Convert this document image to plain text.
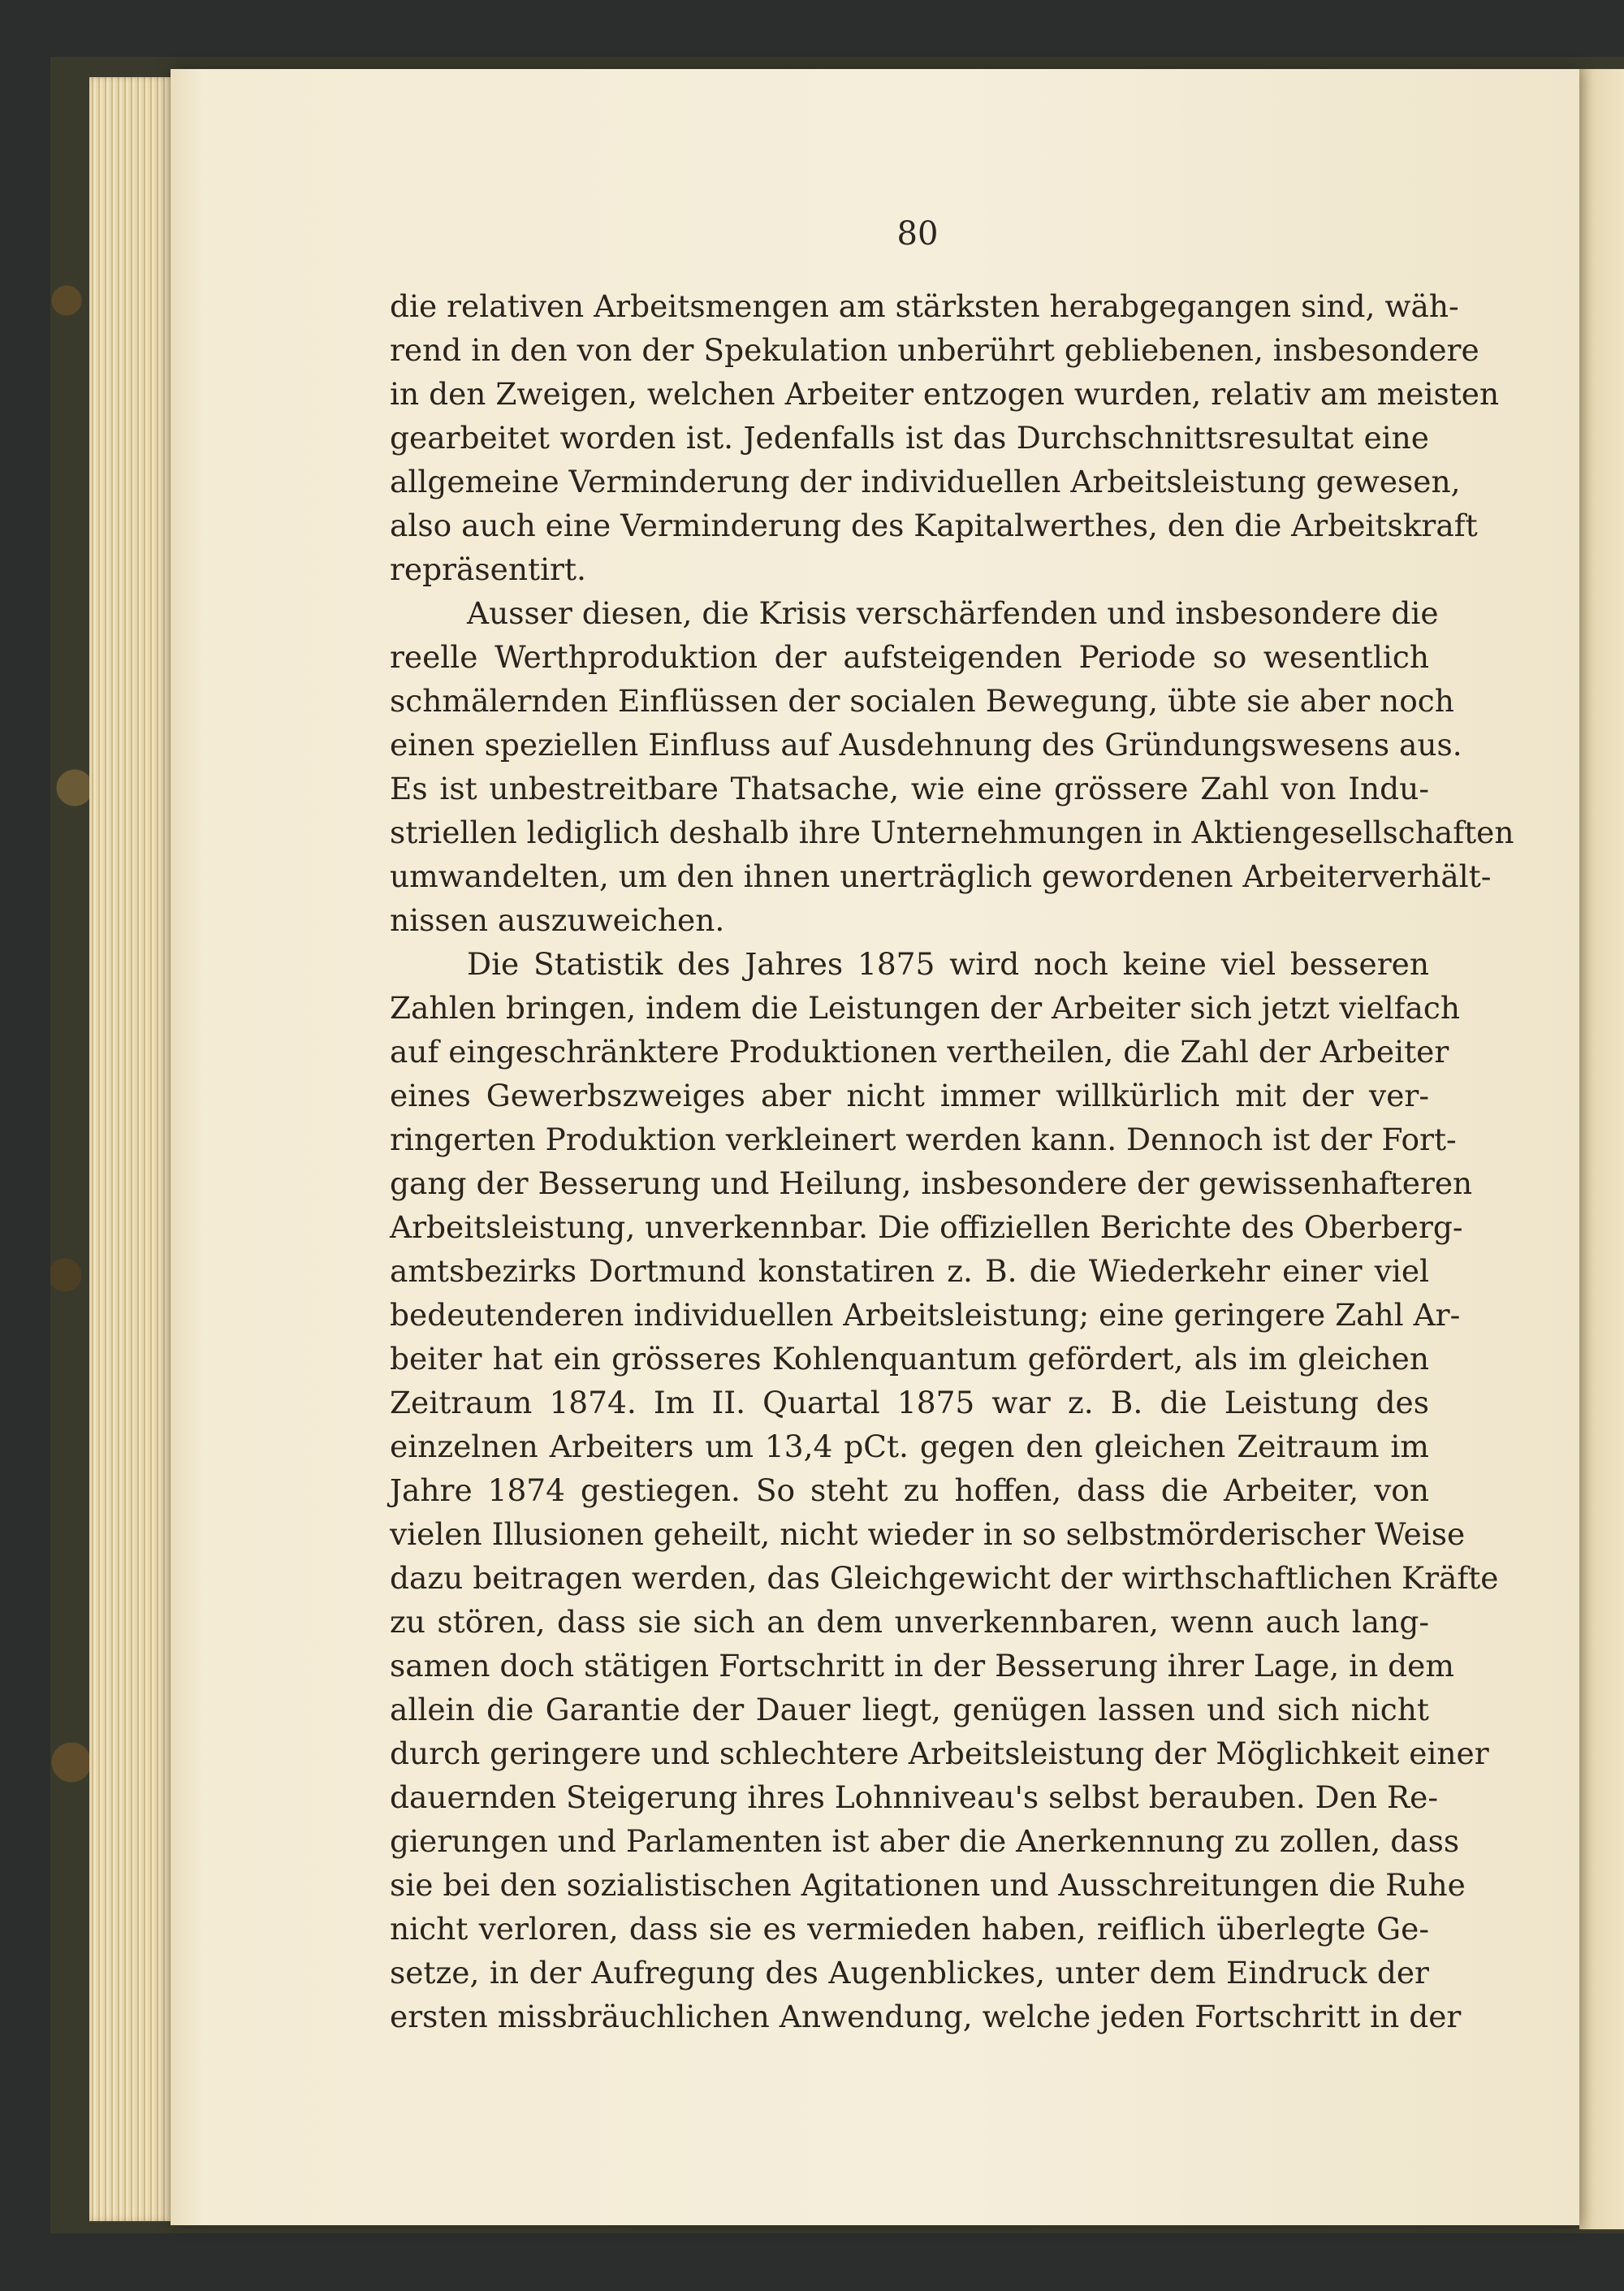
80
die relativen Arbeitsmengen am stärksten herabgegangen sind, wäh-
rend in den von der Spekulation unberührt gebliebenen, insbesondere
in den Zweigen, welchen Arbeiter entzogen wurden, relativ am meisten
gearbeitet worden ist. Jedenfalls ist das Durchschnittsresultat eine
allgemeine Verminderung der individuellen Arbeitsleistung gewesen,
also auch eine Verminderung des Kapitalwerthes, den die Arbeitskraft
repräsentirt.
Ausser diesen, die Krisis verschärfenden und insbesondere die
reelle Werthproduktion der aufsteigenden Periode so wesentlich
schmälernden Einflüssen der socialen Bewegung, übte sie aber noch
einen speziellen Einfluss auf Ausdehnung des Gründungswesens aus.
Es ist unbestreitbare Thatsache, wie eine grössere Zahl von Indu-
striellen lediglich deshalb ihre Unternehmungen in Aktiengesellschaften
umwandelten, um den ihnen unerträglich gewordenen Arbeiterverhält-
nissen auszuweichen.
Die Statistik des Jahres 1875 wird noch keine viel besseren
Zahlen bringen, indem die Leistungen der Arbeiter sich jetzt vielfach
auf eingeschränktere Produktionen vertheilen, die Zahl der Arbeiter
eines Gewerbszweiges aber nicht immer willkürlich mit der ver-
ringerten Produktion verkleinert werden kann. Dennoch ist der Fort-
gang der Besserung und Heilung, insbesondere der gewissenhafteren
Arbeitsleistung, unverkennbar. Die offiziellen Berichte des Oberberg-
amtsbezirks Dortmund konstatiren z. B. die Wiederkehr einer viel
bedeutenderen individuellen Arbeitsleistung; eine geringere Zahl Ar-
beiter hat ein grösseres Kohlenquantum gefördert, als im gleichen
Zeitraum 1874. Im II. Quartal 1875 war z. B. die Leistung des
einzelnen Arbeiters um 13,4 pCt. gegen den gleichen Zeitraum im
Jahre 1874 gestiegen. So steht zu hoffen, dass die Arbeiter, von
vielen Illusionen geheilt, nicht wieder in so selbstmörderischer Weise
dazu beitragen werden, das Gleichgewicht der wirthschaftlichen Kräfte
zu stören, dass sie sich an dem unverkennbaren, wenn auch lang-
samen doch stätigen Fortschritt in der Besserung ihrer Lage, in dem
allein die Garantie der Dauer liegt, genügen lassen und sich nicht
durch geringere und schlechtere Arbeitsleistung der Möglichkeit einer
dauernden Steigerung ihres Lohnniveau's selbst berauben. Den Re-
gierungen und Parlamenten ist aber die Anerkennung zu zollen, dass
sie bei den sozialistischen Agitationen und Ausschreitungen die Ruhe
nicht verloren, dass sie es vermieden haben, reiflich überlegte Ge-
setze, in der Aufregung des Augenblickes, unter dem Eindruck der
ersten missbräuchlichen Anwendung, welche jeden Fortschritt in der
